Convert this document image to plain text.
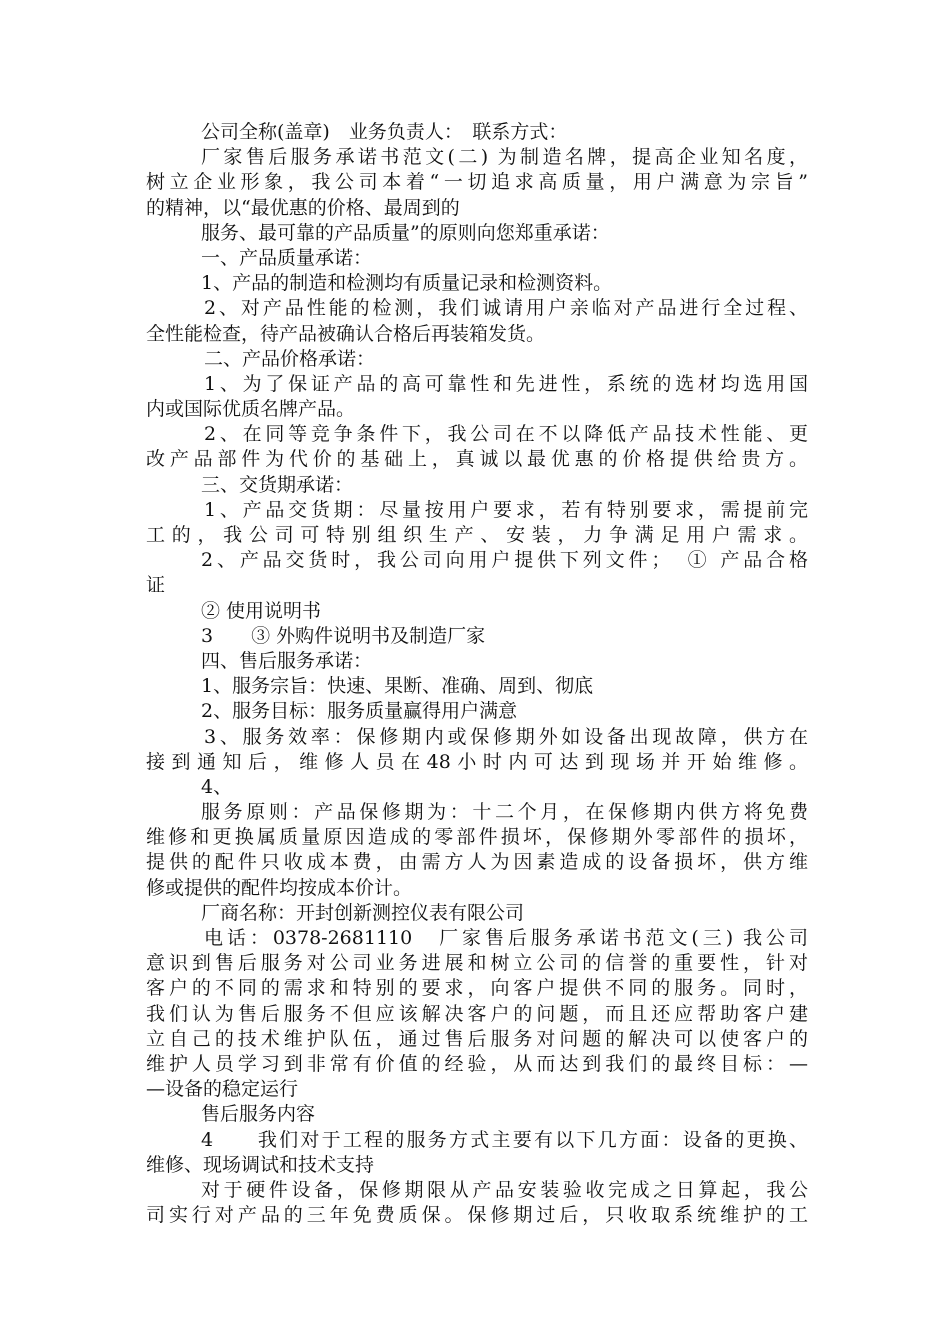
公司全称(盖章)　业务负责人：　联系方式：
厂家售后服务承诺书范文(二) 为制造名牌，提高企业知名度，
树立企业形象，我公司本着“一切追求高质量，用户满意为宗旨”
的精神，以“最优惠的价格、最周到的
服务、最可靠的产品质量”的原则向您郑重承诺：
一、产品质量承诺：
1、产品的制造和检测均有质量记录和检测资料。
2、对产品性能的检测，我们诚请用户亲临对产品进行全过程、
全性能检查，待产品被确认合格后再装箱发货。
二、产品价格承诺：
1、为了保证产品的高可靠性和先进性，系统的选材均选用国
内或国际优质名牌产品。
2、在同等竞争条件下，我公司在不以降低产品技术性能、更
改产品部件为代价的基础上，真诚以最优惠的价格提供给贵方。
三、交货期承诺：
1、产品交货期：尽量按用户要求，若有特别要求，需提前完
工的，我公司可特别组织生产、安装，力争满足用户需求。
2、产品交货时，我公司向用户提供下列文件；　① 产品合格
证
② 使用说明书
3　　③ 外购件说明书及制造厂家
四、售后服务承诺：
1、服务宗旨：快速、果断、准确、周到、彻底
2、服务目标：服务质量赢得用户满意
3、服务效率：保修期内或保修期外如设备出现故障，供方在
接到通知后，维修人员在48小时内可达到现场并开始维修。
4、
服务原则：产品保修期为：十二个月，在保修期内供方将免费
维修和更换属质量原因造成的零部件损坏，保修期外零部件的损坏，
提供的配件只收成本费，由需方人为因素造成的设备损坏，供方维
修或提供的配件均按成本价计。
厂商名称：开封创新测控仪表有限公司
电话：0378-2681110　厂家售后服务承诺书范文(三) 我公司
意识到售后服务对公司业务进展和树立公司的信誉的重要性，针对
客户的不同的需求和特别的要求，向客户提供不同的服务。同时，
我们认为售后服务不但应该解决客户的问题，而且还应帮助客户建
立自己的技术维护队伍，通过售后服务对问题的解决可以使客户的
维护人员学习到非常有价值的经验，从而达到我们的最终目标：—
—设备的稳定运行
售后服务内容
4　　我们对于工程的服务方式主要有以下几方面：设备的更换、
维修、现场调试和技术支持
对于硬件设备，保修期限从产品安装验收完成之日算起，我公
司实行对产品的三年免费质保。保修期过后，只收取系统维护的工
